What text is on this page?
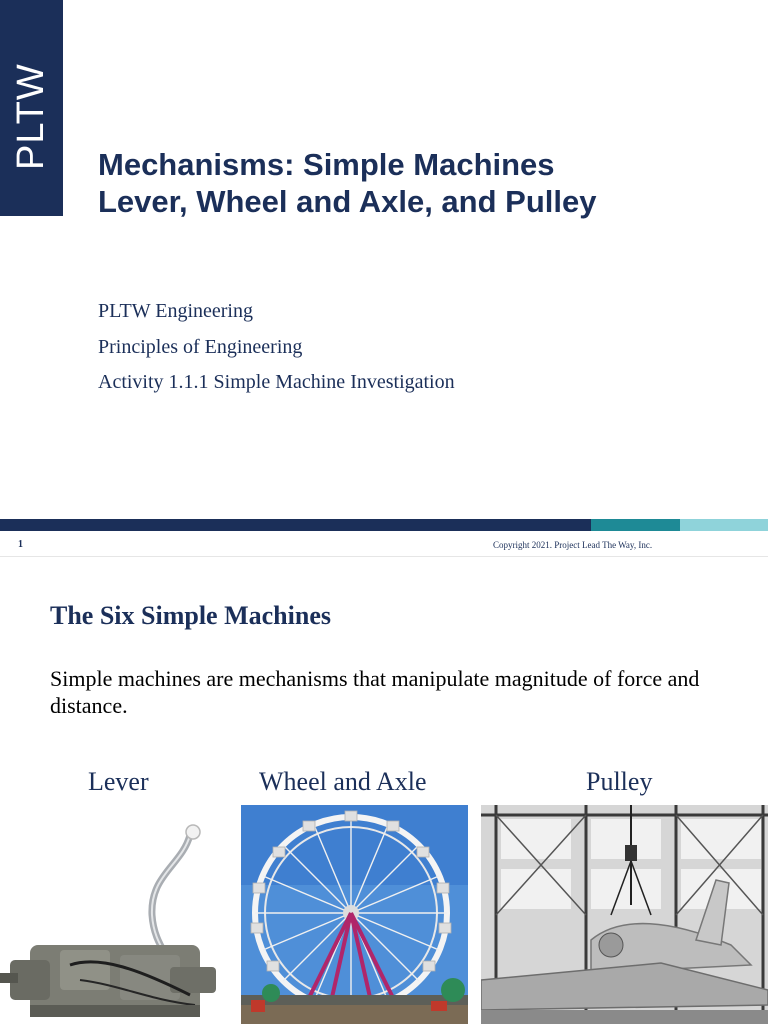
PLTW Mechanisms: Simple Machines
Lever, Wheel and Axle, and Pulley
PLTW Engineering
Principles of Engineering
Activity 1.1.1 Simple Machine Investigation
1	Copyright 2021. Project Lead The Way, Inc.
The Six Simple Machines
Simple machines are mechanisms that manipulate magnitude of force and distance.
Lever	Wheel and Axle	Pulley
